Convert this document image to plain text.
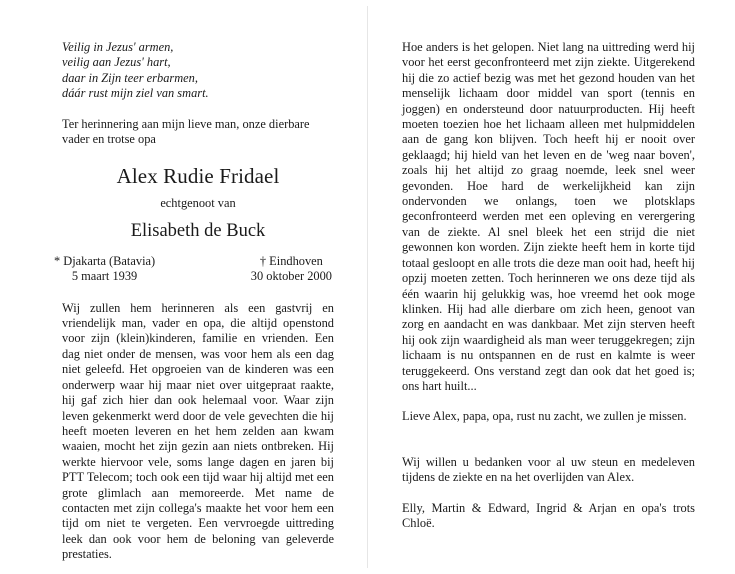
Veilig in Jezus' armen,
veilig aan Jezus' hart,
daar in Zijn teer erbarmen,
dáár rust mijn ziel van smart.
Ter herinnering aan mijn lieve man, onze dierbare vader en trotse opa
Alex Rudie Fridael
echtgenoot van
Elisabeth de Buck
* Djakarta (Batavia)
5 maart 1939
† Eindhoven
30 oktober 2000
Wij zullen hem herinneren als een gastvrij en vriendelijk man, vader en opa, die altijd openstond voor zijn (klein)kinderen, familie en vrienden. Een dag niet onder de mensen, was voor hem als een dag niet geleefd. Het opgroeien van de kinderen was een onderwerp waar hij maar niet over uitgepraat raakte, hij gaf zich hier dan ook helemaal voor. Waar zijn leven gekenmerkt werd door de vele gevechten die hij heeft moeten leveren en het hem zelden aan kwam waaien, mocht het zijn gezin aan niets ontbreken. Hij werkte hiervoor vele, soms lange dagen en jaren bij PTT Telecom; toch ook een tijd waar hij altijd met een grote glimlach aan memoreerde. Met name de contacten met zijn collega's maakte het voor hem een tijd om niet te vergeten. Een vervroegde uittreding leek dan ook voor hem de beloning van geleverde prestaties.
Hoe anders is het gelopen. Niet lang na uittreding werd hij voor het eerst geconfronteerd met zijn ziekte. Uitgerekend hij die zo actief bezig was met het gezond houden van het menselijk lichaam door middel van sport (tennis en joggen) en ondersteund door natuurproducten. Hij heeft moeten toezien hoe het lichaam alleen met hulpmiddelen aan de gang kon blijven. Toch heeft hij er nooit over geklaagd; hij hield van het leven en de 'weg naar boven', zoals hij het altijd zo graag noemde, leek snel weer gevonden. Hoe hard de werkelijkheid kan zijn ondervonden we onlangs, toen we plotsklaps geconfronteerd werden met een opleving en verergering van de ziekte. Al snel bleek het een strijd die niet gewonnen kon worden. Zijn ziekte heeft hem in korte tijd totaal gesloopt en alle trots die deze man ooit had, heeft hij opzij moeten zetten. Toch herinneren we ons deze tijd als één waarin hij gelukkig was, hoe vreemd het ook moge klinken. Hij had alle dierbare om zich heen, genoot van zorg en aandacht en was dankbaar. Met zijn sterven heeft hij ook zijn waardigheid als man weer teruggekregen; zijn lichaam is nu ontspannen en de rust en kalmte is weer teruggekeerd. Ons verstand zegt dan ook dat het goed is; ons hart huilt...
Lieve Alex, papa, opa, rust nu zacht, we zullen je missen.
Wij willen u bedanken voor al uw steun en medeleven tijdens de ziekte en na het overlijden van Alex.
Elly, Martin & Edward, Ingrid & Arjan en opa's trots Chloë.
